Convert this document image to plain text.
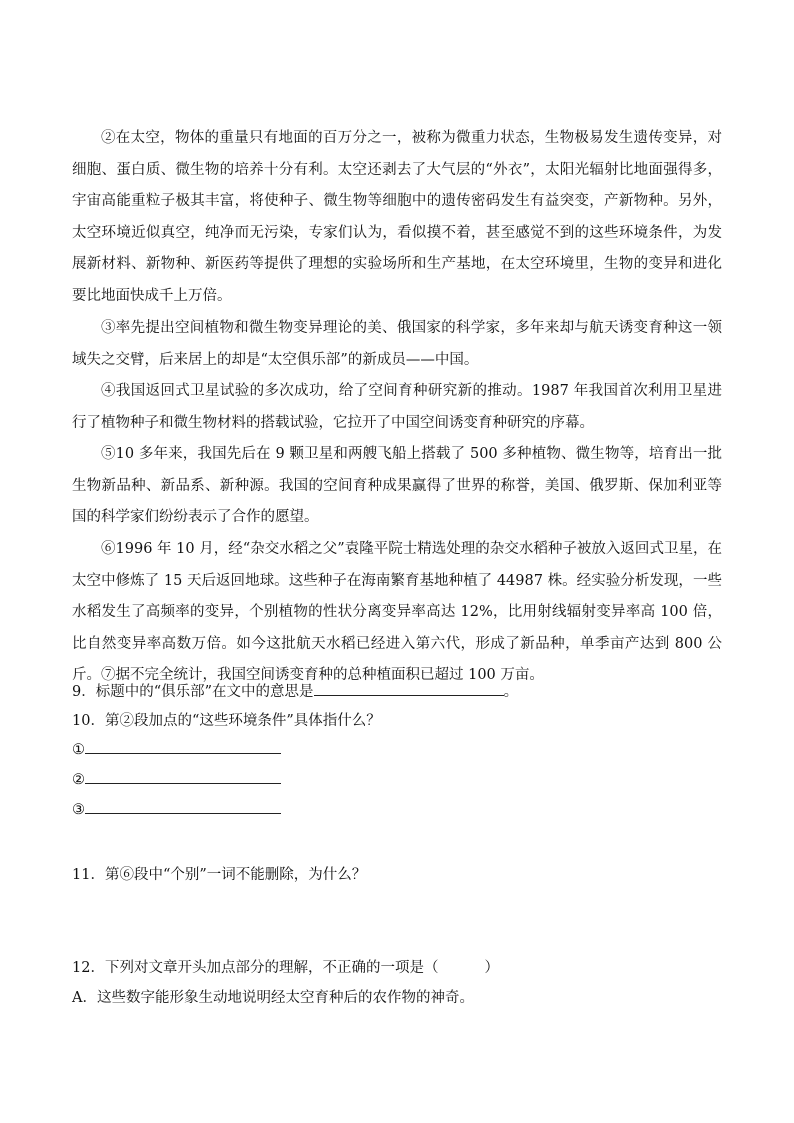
②在太空，物体的重量只有地面的百万分之一，被称为微重力状态，生物极易发生遗传变异，对细胞、蛋白质、微生物的培养十分有利。太空还剥去了大气层的“外衣”，太阳光辐射比地面强得多，宇宙高能重粒子极其丰富，将使种子、微生物等细胞中的遗传密码发生有益突变，产新物种。另外，太空环境近似真空，纯净而无污染，专家们认为，看似摸不着，甚至感觉不到的这些环境条件，为发展新材料、新物种、新医药等提供了理想的实验场所和生产基地，在太空环境里，生物的变异和进化要比地面快成千上万倍。

③率先提出空间植物和微生物变异理论的美、俄国家的科学家，多年来却与航天诱变育种这一领域失之交臂，后来居上的却是“太空俱乐部”的新成员——中国。

④我国返回式卫星试验的多次成功，给了空间育种研究新的推动。1987 年我国首次利用卫星进行了植物种子和微生物材料的搭载试验，它拉开了中国空间诱变育种研究的序幕。

⑤10 多年来，我国先后在 9 颗卫星和两艘飞船上搭载了 500 多种植物、微生物等，培育出一批生物新品种、新品系、新种源。我国的空间育种成果赢得了世界的称誉，美国、俄罗斯、保加利亚等国的科学家们纷纷表示了合作的愿望。

⑥1996 年 10 月，经“杂交水稻之父”袁隆平院士精选处理的杂交水稻种子被放入返回式卫星，在太空中修炼了 15 天后返回地球。这些种子在海南繁育基地种植了 44987 株。经实验分析发现，一些水稻发生了高频率的变异，个别植物的性状分离变异率高达 12%，比用射线辐射变异率高 100 倍，比自然变异率高数万倍。如今这批航天水稻已经进入第六代，形成了新品种，单季亩产达到 800 公斤。 ⑦据不完全统计，我国空间诱变育种的总种植面积已超过 100 万亩。

9．标题中的“俱乐部”在文中的意思是	。
10．第②段加点的“这些环境条件”具体指什么？
①
②
③
11．第⑥段中“个别”一词不能删除，为什么？
12．下列对文章开头加点部分的理解，不正确的一项是（	）
A．这些数字能形象生动地说明经太空育种后的农作物的神奇。
